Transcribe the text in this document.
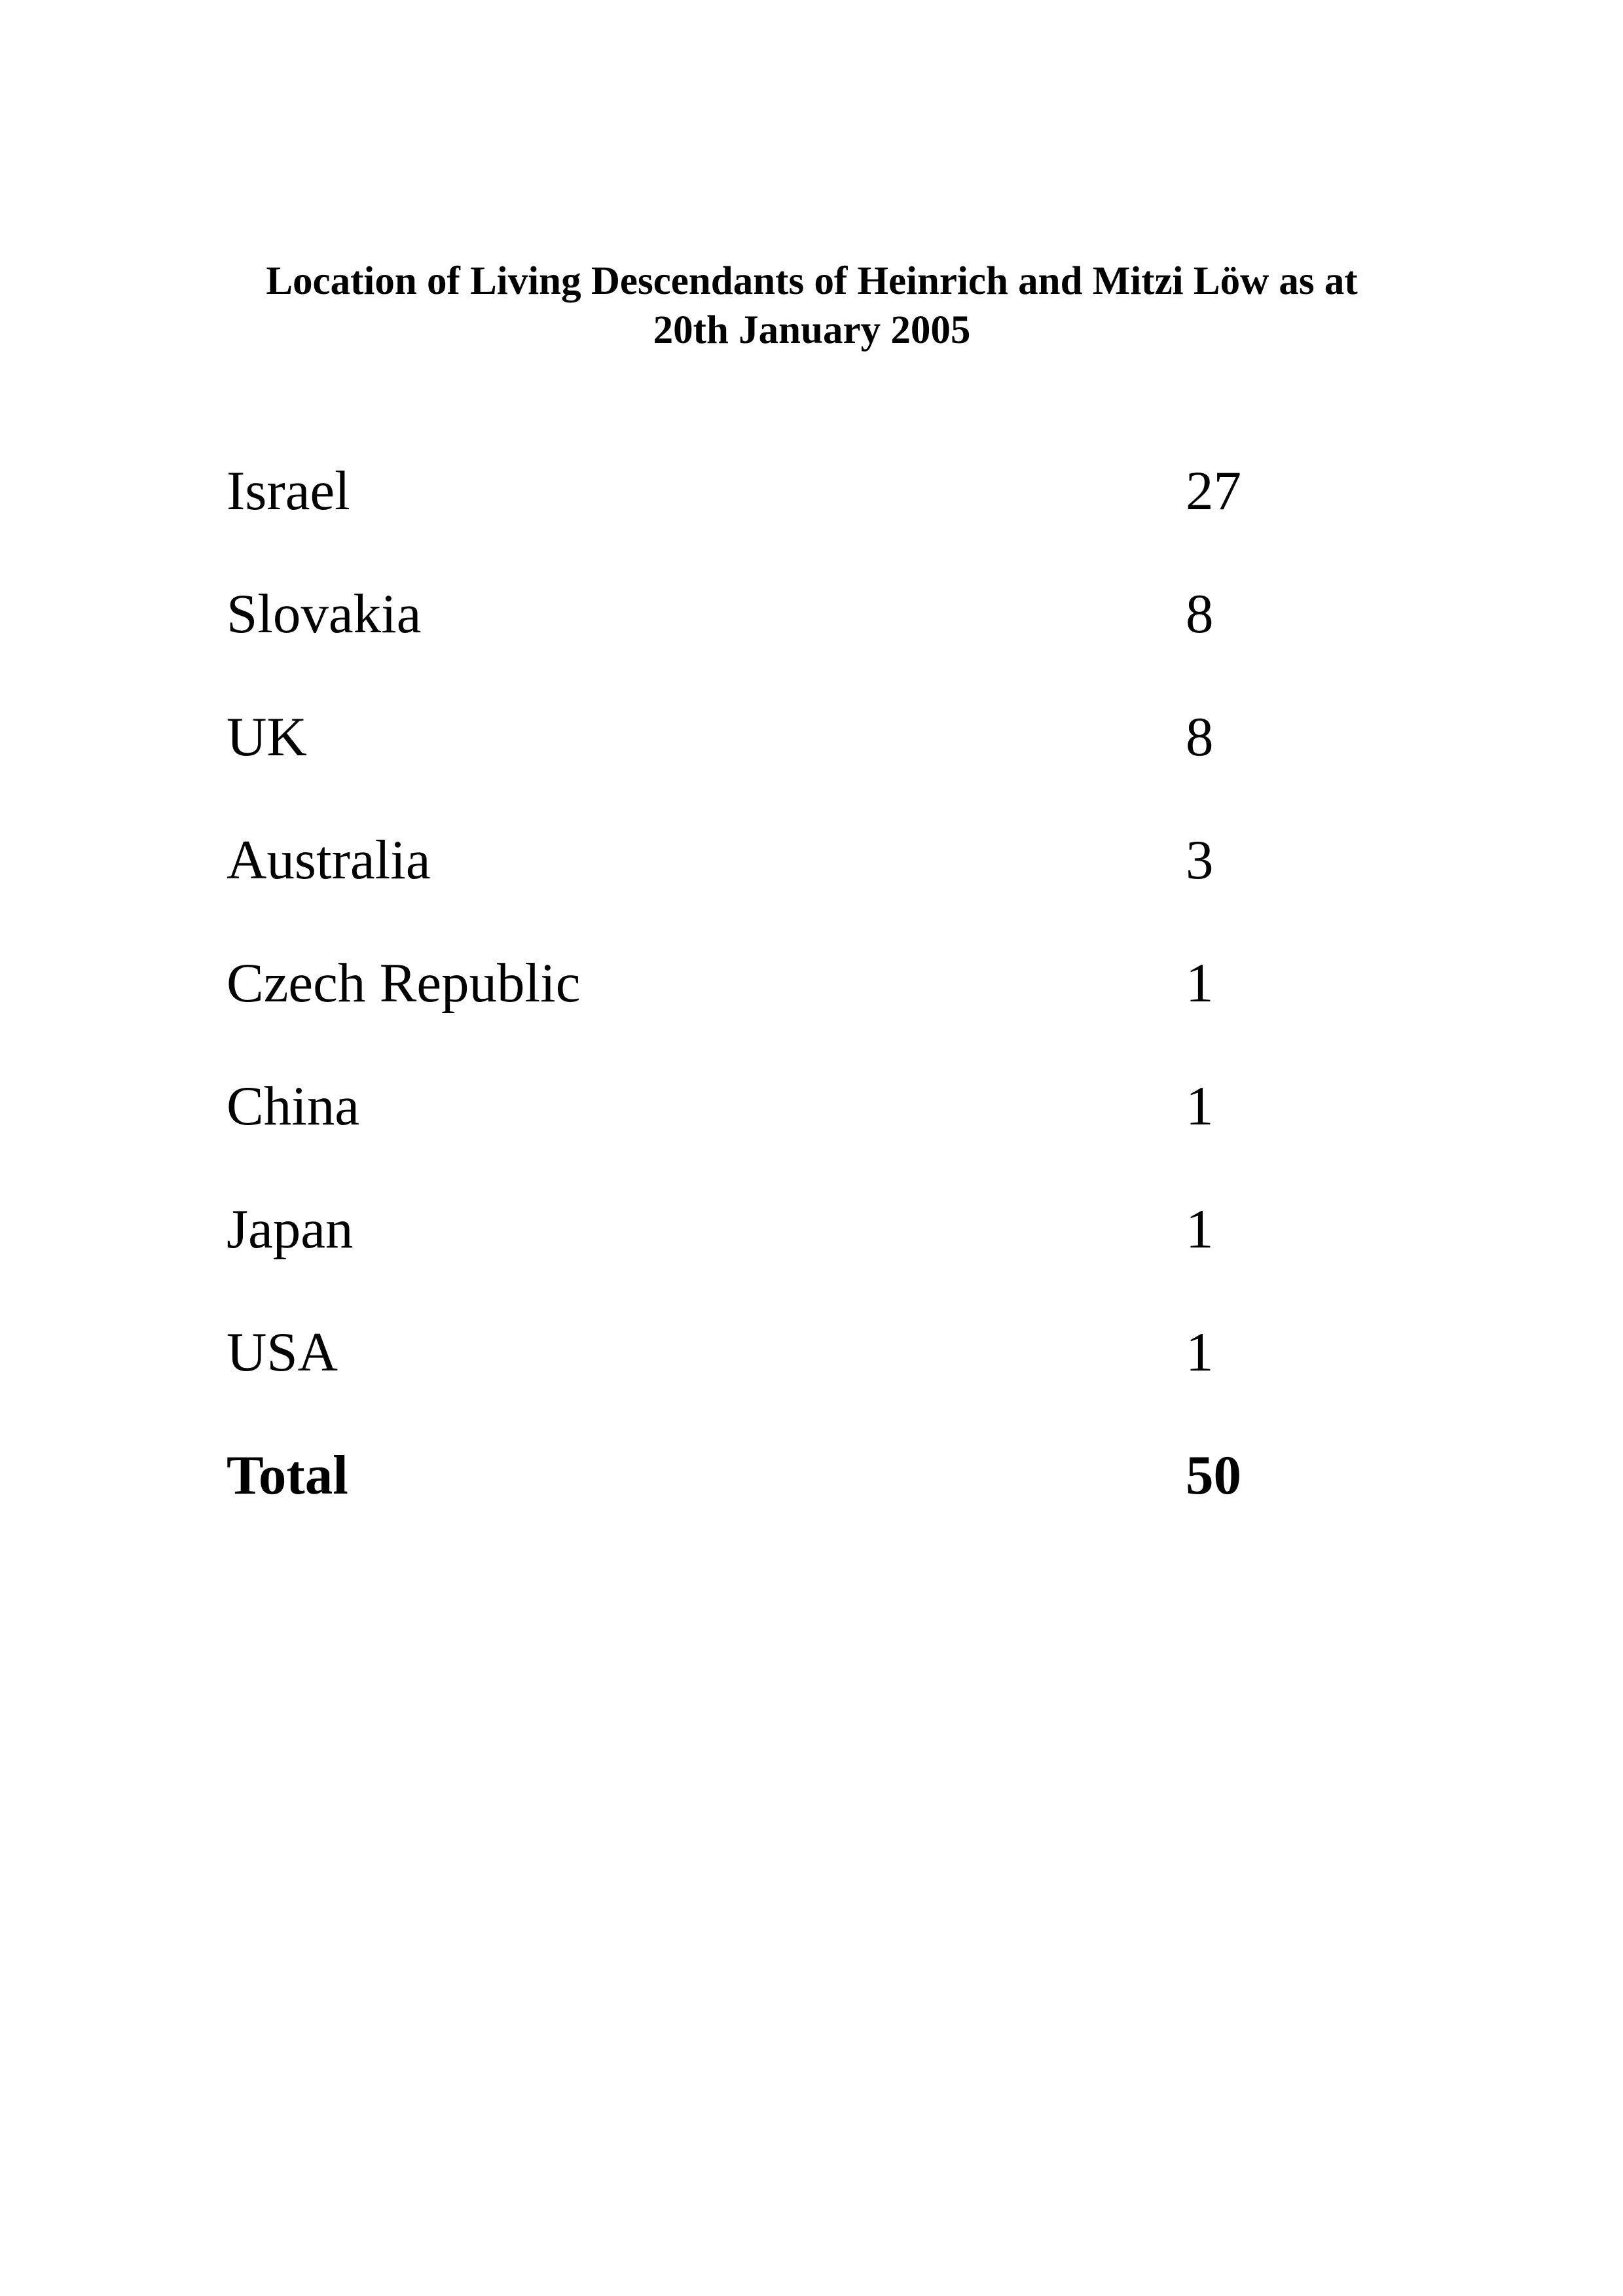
Location of Living Descendants of Heinrich and Mitzi Löw as at
20th January 2005
Israel	27
Slovakia	8
UK	8
Australia	3
Czech Republic	1
China	1
Japan	1
USA	1
Total	50
